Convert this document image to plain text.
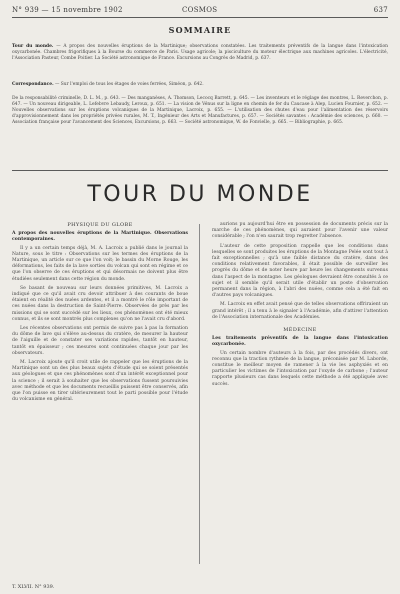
N° 939 — 15 novembre 1902	COSMOS	637
SOMMAIRE
Tour du monde. — A propos des nouvelles éruptions de la Martinique; observations constatées. Les traitements préventifs de la langue dans l'intoxication oxycarbonée. Chambres frigorifiques à la Bourse du commerce de Paris. Usage agricole; la pisciculture du moteur électrique aux machines agricoles. L'électricité, l'Association Pasteur, Combe Poitier. La Société astronomique de France. Excursions au Congrès de Madrid, p. 637.
Correspondance. — Sur l'emploi de tous les étages de voies ferrées, Siméon, p. 642.
De la responsabilité criminelle, D. L. M., p. 643. — Des manganèses, A. Thomson, Lecocq Barrett, p. 645. — Les inventeurs et le réglage des montres, L. Reverchon, p. 647. — Un nouveau dirigeable, L. Lefebvre Lebaudy, Leroux, p. 651. — La vision de Vénus sur la ligne en chemin de fer du Caucase à Alep, Lucien Fournier, p. 652. — Nouvelles observations sur les éruptions volcaniques de la Martinique, Lacroix, p. 655. — L'utilisation des chutes d'eau pour l'alimentation des réservoirs d'approvisionnement dans les propriétés privées rurales, M. T., Ingénieur des Arts et Manufactures, p. 657. — Sociétés savantes : Académie des sciences, p. 660. — Association française pour l'avancement des Sciences, Excursions, p. 663. — Société astronomique, W. de Fonvielle, p. 665. — Bibliographie, p. 665.
TOUR DU MONDE
PHYSIQUE DU GLOBE
A propos des nouvelles éruptions de la Martinique. Observations contemporaines.

Il y a un certain temps déjà, M. A. Lacroix a publié dans le journal la Nature, sous le titre : Observations sur les termes des éruptions de la Martinique, un article sur ce que l'on voit; le bassin du Morne Rouge, les déformations, les faits de la lave sorties du volcan qui sont en régime et ce que l'on observe de ces éruptions et qui désormais ne doivent plus être étudiées seulement dans cette région du monde.

Se basant de nouveau sur leurs données primitives, M. Lacroix a indiqué que ce qu'il avait cru devoir attribuer à des courants de boue étaient en réalité des nuées ardentes, et il a montré le rôle important de ces nuées dans la destruction de Saint-Pierre. Observées de près par les missions qui se sont succédé sur les lieux, ces phénomènes ont été mieux connus, et ils se sont montrés plus complexes qu'on ne l'avait cru d'abord.

Les récentes observations ont permis de suivre pas à pas la formation du dôme de lave qui s'élève au-dessus du cratère, de mesurer la hauteur de l'aiguille et de constater ses variations rapides, tantôt en hauteur, tantôt en épaisseur ; ces mesures sont continuées chaque jour par les observateurs.

M. Lacroix ajoute qu'il croit utile de rappeler que les éruptions de la Martinique sont un des plus beaux sujets d'étude qui se soient présentés aux géologues et que ces phénomènes sont d'un intérêt exceptionnel pour la science ; il serait à souhaiter que les observations fussent poursuivies avec méthode et que les documents recueillis puissent être conservés, afin que l'on puisse en tirer ultérieurement tout le parti possible pour l'étude du volcanisme en général.

aurions pu aujourd'hui être en possession de documents précis sur la marche de ces phénomènes, qui auraient pour l'avenir une valeur considérable ; l'on n'en saurait trop regretter l'absence.

L'auteur de cette proposition rappelle que les conditions dans lesquelles se sont produites les éruptions de la Montagne Pelée sont tout à fait exceptionnelles ; qu'à une faible distance du cratère, dans des conditions relativement favorables, il était possible de surveiller les progrès du dôme et de noter heure par heure les changements survenus dans l'aspect de la montagne. Les géologues devraient être consultés à ce sujet et il semble qu'il serait utile d'établir un poste d'observation permanent dans la région, à l'abri des nuées, comme cela a été fait en d'autres pays volcaniques.

M. Lacroix en effet avait pensé que de telles observations offriraient un grand intérêt ; il a tenu à le signaler à l'Académie, afin d'attirer l'attention de l'Association internationale des Académies.

MÉDECINE
Les traitements préventifs de la langue dans l'intoxication oxycarbonée.

Un certain nombre d'auteurs à la fois, par des procédés divers, ont reconnu que la traction rythmée de la langue, préconisée par M. Laborde, constitue le meilleur moyen de ramener à la vie les asphyxiés et en particulier les victimes de l'intoxication par l'oxyde de carbone ; l'auteur rapporte plusieurs cas dans lesquels cette méthode a été appliquée avec succès.

T. XLVII. N° 939.
